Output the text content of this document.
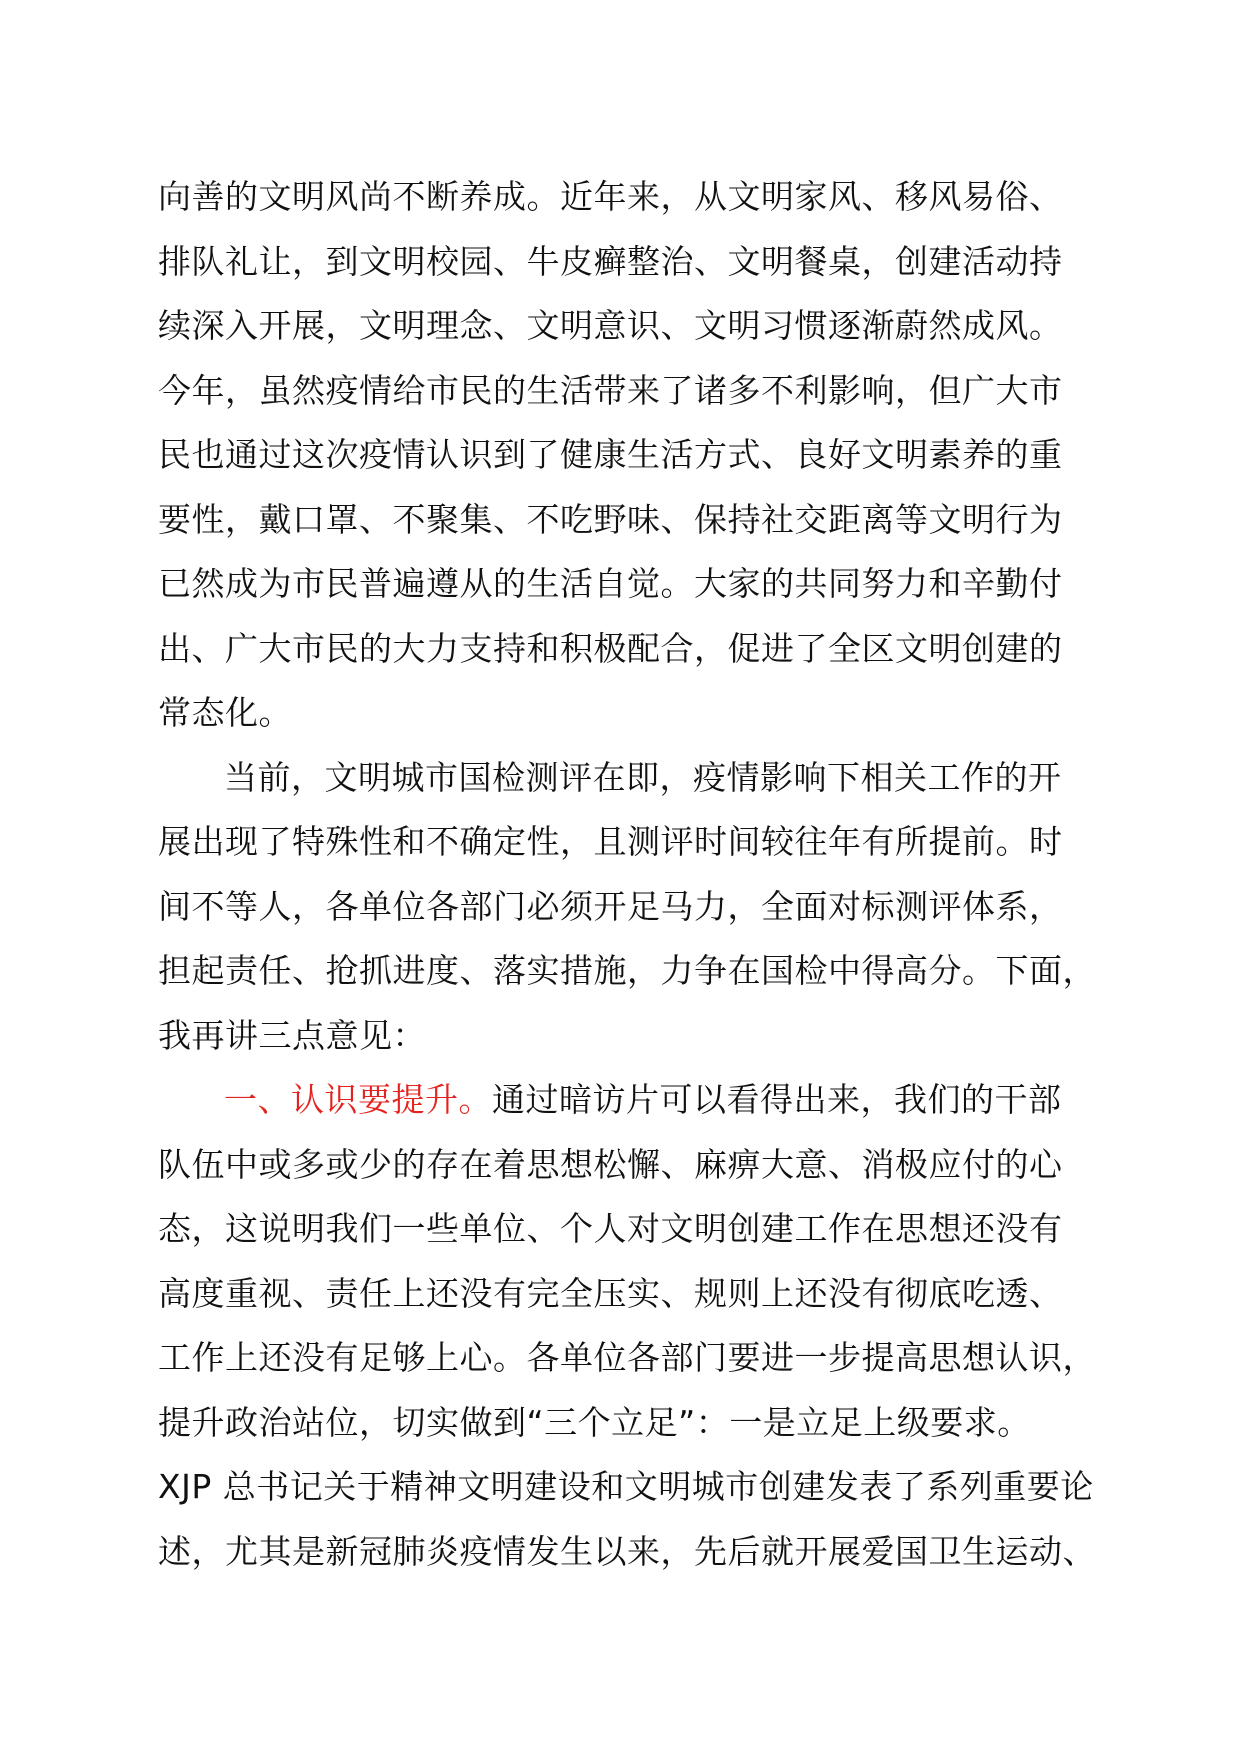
向善的文明风尚不断养成。近年来，从文明家风、移风易俗、
排队礼让，到文明校园、牛皮癣整治、文明餐桌，创建活动持
续深入开展，文明理念、文明意识、文明习惯逐渐蔚然成风。
今年，虽然疫情给市民的生活带来了诸多不利影响，但广大市
民也通过这次疫情认识到了健康生活方式、良好文明素养的重
要性，戴口罩、不聚集、不吃野味、保持社交距离等文明行为
已然成为市民普遍遵从的生活自觉。大家的共同努力和辛勤付
出、广大市民的大力支持和积极配合，促进了全区文明创建的
常态化。
当前，文明城市国检测评在即，疫情影响下相关工作的开
展出现了特殊性和不确定性，且测评时间较往年有所提前。时
间不等人，各单位各部门必须开足马力，全面对标测评体系，
担起责任、抢抓进度、落实措施，力争在国检中得高分。下面，
我再讲三点意见：
一、认识要提升。通过暗访片可以看得出来，我们的干部
队伍中或多或少的存在着思想松懈、麻痹大意、消极应付的心
态，这说明我们一些单位、个人对文明创建工作在思想还没有
高度重视、责任上还没有完全压实、规则上还没有彻底吃透、
工作上还没有足够上心。各单位各部门要进一步提高思想认识，
提升政治站位，切实做到“三个立足”：一是立足上级要求。
XJP 总书记关于精神文明建设和文明城市创建发表了系列重要论
述，尤其是新冠肺炎疫情发生以来，先后就开展爱国卫生运动、
